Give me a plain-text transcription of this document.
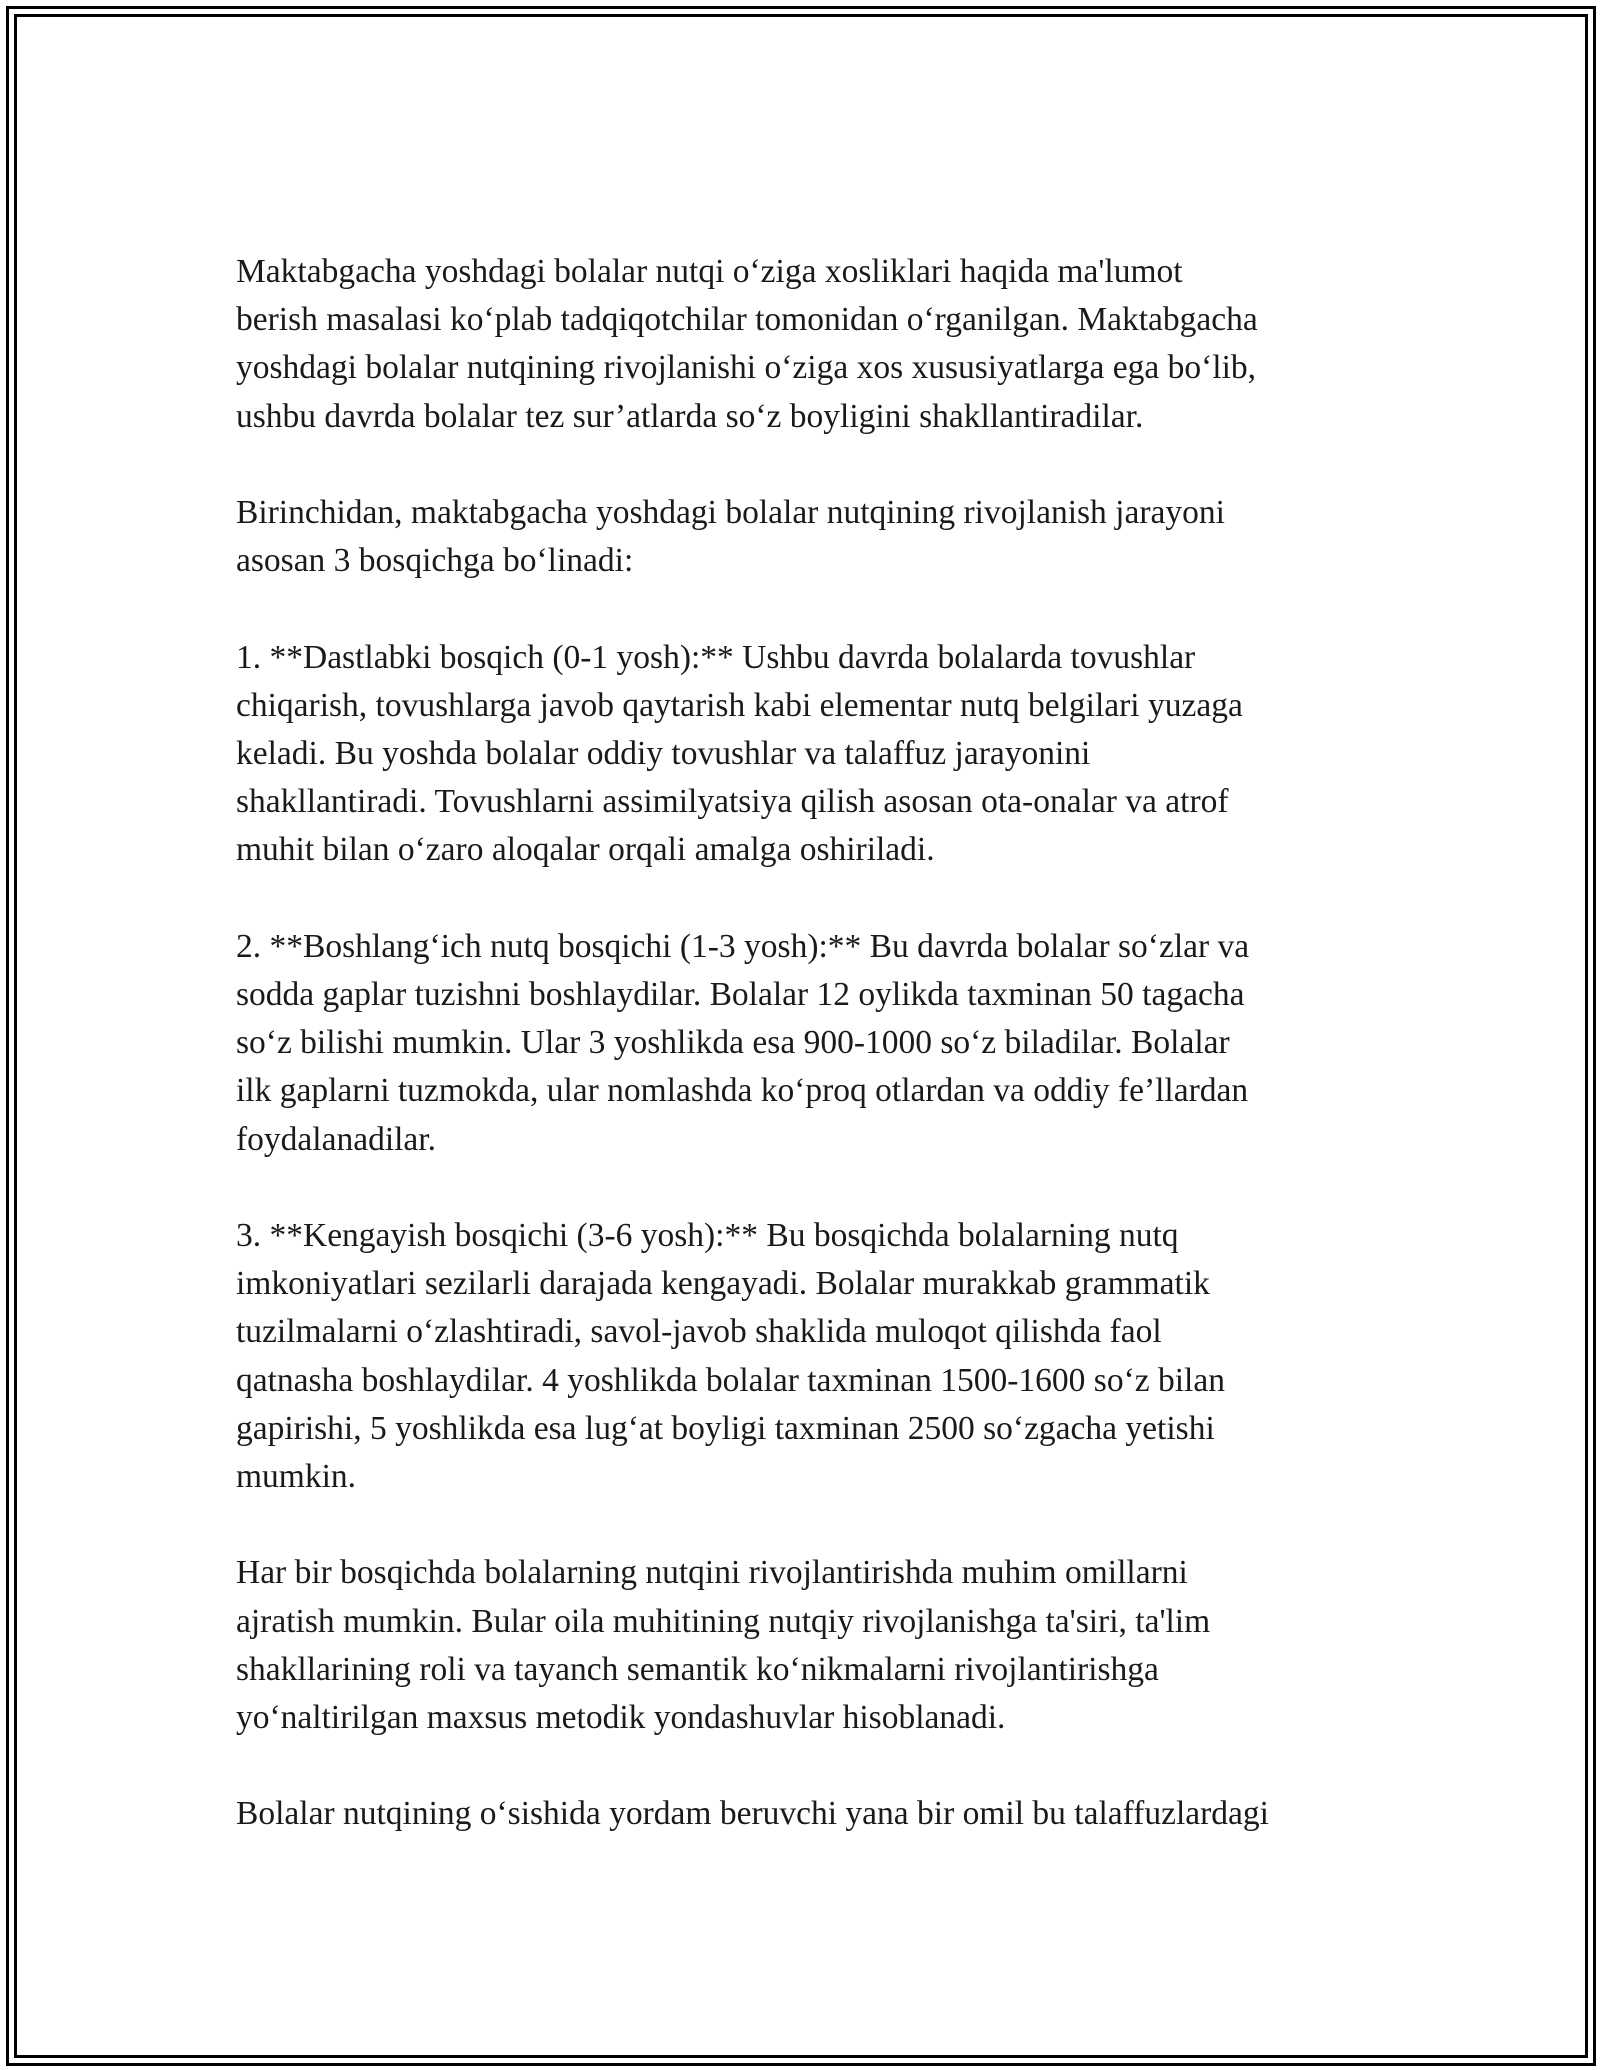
Maktabgacha yoshdagi bolalar nutqi o‘ziga xosliklari haqida ma'lumot
berish masalasi ko‘plab tadqiqotchilar tomonidan o‘rganilgan. Maktabgacha
yoshdagi bolalar nutqining rivojlanishi o‘ziga xos xususiyatlarga ega bo‘lib,
ushbu davrda bolalar tez sur’atlarda so‘z boyligini shakllantiradilar.

Birinchidan, maktabgacha yoshdagi bolalar nutqining rivojlanish jarayoni
asosan 3 bosqichga bo‘linadi:

1. **Dastlabki bosqich (0-1 yosh):** Ushbu davrda bolalarda tovushlar
chiqarish, tovushlarga javob qaytarish kabi elementar nutq belgilari yuzaga
keladi. Bu yoshda bolalar oddiy tovushlar va talaffuz jarayonini
shakllantiradi. Tovushlarni assimilyatsiya qilish asosan ota-onalar va atrof
muhit bilan o‘zaro aloqalar orqali amalga oshiriladi.

2. **Boshlang‘ich nutq bosqichi (1-3 yosh):** Bu davrda bolalar so‘zlar va
sodda gaplar tuzishni boshlaydilar. Bolalar 12 oylikda taxminan 50 tagacha
so‘z bilishi mumkin. Ular 3 yoshlikda esa 900-1000 so‘z biladilar. Bolalar
ilk gaplarni tuzmokda, ular nomlashda ko‘proq otlardan va oddiy fe’llardan
foydalanadilar.

3. **Kengayish bosqichi (3-6 yosh):** Bu bosqichda bolalarning nutq
imkoniyatlari sezilarli darajada kengayadi. Bolalar murakkab grammatik
tuzilmalarni o‘zlashtiradi, savol-javob shaklida muloqot qilishda faol
qatnasha boshlaydilar. 4 yoshlikda bolalar taxminan 1500-1600 so‘z bilan
gapirishi, 5 yoshlikda esa lug‘at boyligi taxminan 2500 so‘zgacha yetishi
mumkin.

Har bir bosqichda bolalarning nutqini rivojlantirishda muhim omillarni
ajratish mumkin. Bular oila muhitining nutqiy rivojlanishga ta'siri, ta'lim
shakllarining roli va tayanch semantik ko‘nikmalarni rivojlantirishga
yo‘naltirilgan maxsus metodik yondashuvlar hisoblanadi.

Bolalar nutqining o‘sishida yordam beruvchi yana bir omil bu talaffuzlardagi
